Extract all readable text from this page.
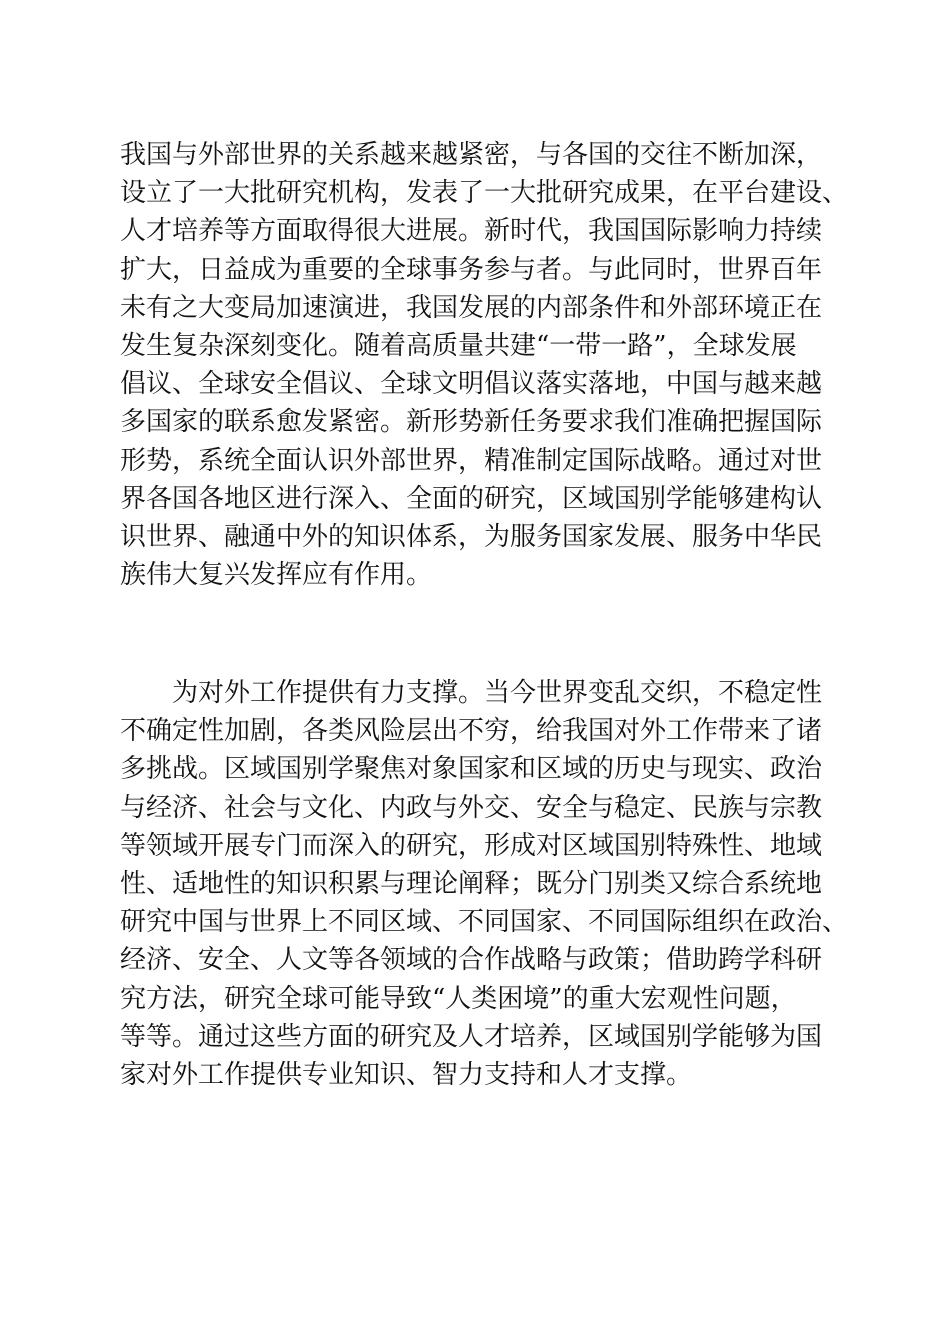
我国与外部世界的关系越来越紧密，与各国的交往不断加深，
设立了一大批研究机构，发表了一大批研究成果，在平台建设、
人才培养等方面取得很大进展。新时代，我国国际影响力持续
扩大，日益成为重要的全球事务参与者。与此同时，世界百年
未有之大变局加速演进，我国发展的内部条件和外部环境正在
发生复杂深刻变化。随着高质量共建“一带一路”，全球发展
倡议、全球安全倡议、全球文明倡议落实落地，中国与越来越
多国家的联系愈发紧密。新形势新任务要求我们准确把握国际
形势，系统全面认识外部世界，精准制定国际战略。通过对世
界各国各地区进行深入、全面的研究，区域国别学能够建构认
识世界、融通中外的知识体系，为服务国家发展、服务中华民
族伟大复兴发挥应有作用。
为对外工作提供有力支撑。当今世界变乱交织，不稳定性
不确定性加剧，各类风险层出不穷，给我国对外工作带来了诸
多挑战。区域国别学聚焦对象国家和区域的历史与现实、政治
与经济、社会与文化、内政与外交、安全与稳定、民族与宗教
等领域开展专门而深入的研究，形成对区域国别特殊性、地域
性、适地性的知识积累与理论阐释；既分门别类又综合系统地
研究中国与世界上不同区域、不同国家、不同国际组织在政治、
经济、安全、人文等各领域的合作战略与政策；借助跨学科研
究方法，研究全球可能导致“人类困境”的重大宏观性问题，
等等。通过这些方面的研究及人才培养，区域国别学能够为国
家对外工作提供专业知识、智力支持和人才支撑。
